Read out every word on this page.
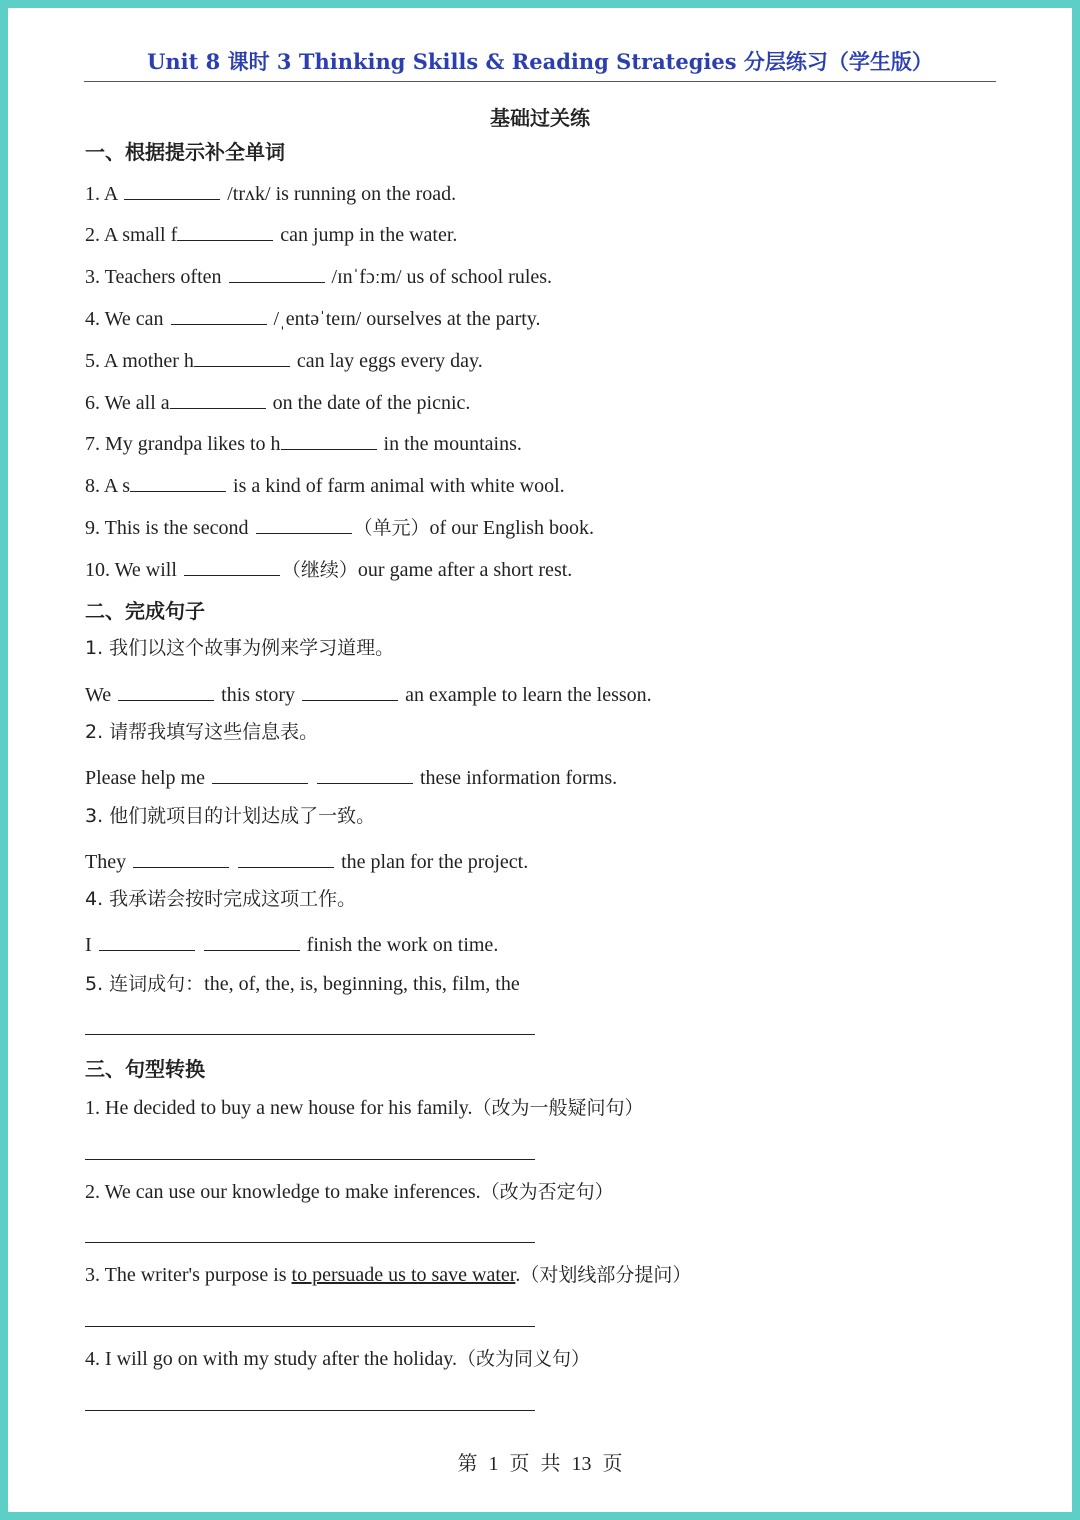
Unit 8 课时 3 Thinking Skills & Reading Strategies 分层练习（学生版）
基础过关练
一、根据提示补全单词
1. A	/trʌk/ is running on the road.
2. A small f	can jump in the water.
3. Teachers often	/ɪnˈfɔːm/ us of school rules.
4. We can	/ˌentəˈteɪn/ ourselves at the party.
5. A mother h	can lay eggs every day.
6. We all a	on the date of the picnic.
7. My grandpa likes to h	in the mountains.
8. A s	is a kind of farm animal with white wool.
9. This is the second	（单元）of our English book.
10. We will	（继续）our game after a short rest.
二、完成句子
1. 我们以这个故事为例来学习道理。
We	this story	an example to learn the lesson.
2. 请帮我填写这些信息表。
Please help me	these information forms.
3. 他们就项目的计划达成了一致。
They	the plan for the project.
4. 我承诺会按时完成这项工作。
I	finish the work on time.
5. 连词成句：the, of, the, is, beginning, this, film, the
三、句型转换
1. He decided to buy a new house for his family.（改为一般疑问句）
2. We can use our knowledge to make inferences.（改为否定句）
3. The writer's purpose is to persuade us to save water.（对划线部分提问）
4. I will go on with my study after the holiday.（改为同义句）
第 1 页 共 13 页
